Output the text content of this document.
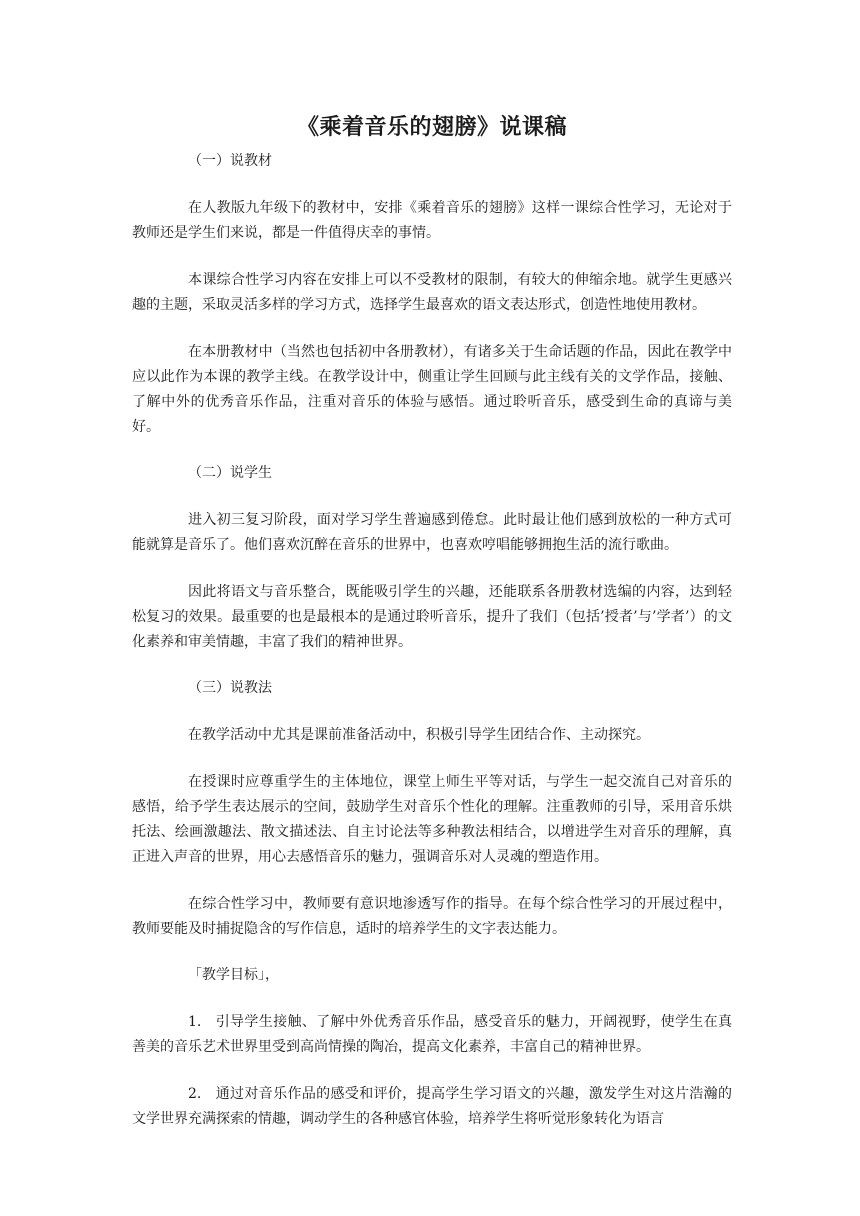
《乘着音乐的翅膀》说课稿
（一）说教材

在人教版九年级下的教材中，安排《乘着音乐的翅膀》这样一课综合性学习，无论对于教师还是学生们来说，都是一件值得庆幸的事情。

本课综合性学习内容在安排上可以不受教材的限制，有较大的伸缩余地。就学生更感兴趣的主题，采取灵活多样的学习方式，选择学生最喜欢的语文表达形式，创造性地使用教材。

在本册教材中（当然也包括初中各册教材），有诸多关于生命话题的作品，因此在教学中应以此作为本课的教学主线。在教学设计中，侧重让学生回顾与此主线有关的文学作品，接触、了解中外的优秀音乐作品，注重对音乐的体验与感悟。通过聆听音乐，感受到生命的真谛与美好。

（二）说学生

进入初三复习阶段，面对学习学生普遍感到倦怠。此时最让他们感到放松的一种方式可能就算是音乐了。他们喜欢沉醉在音乐的世界中，也喜欢哼唱能够拥抱生活的流行歌曲。

因此将语文与音乐整合，既能吸引学生的兴趣，还能联系各册教材选编的内容，达到轻松复习的效果。最重要的也是最根本的是通过聆听音乐，提升了我们（包括’授者’与’学者’）的文化素养和审美情趣，丰富了我们的精神世界。

（三）说教法

在教学活动中尤其是课前准备活动中，积极引导学生团结合作、主动探究。

在授课时应尊重学生的主体地位，课堂上师生平等对话，与学生一起交流自己对音乐的感悟，给予学生表达展示的空间，鼓励学生对音乐个性化的理解。注重教师的引导，采用音乐烘托法、绘画激趣法、散文描述法、自主讨论法等多种教法相结合，以增进学生对音乐的理解，真正进入声音的世界，用心去感悟音乐的魅力，强调音乐对人灵魂的塑造作用。

在综合性学习中，教师要有意识地渗透写作的指导。在每个综合性学习的开展过程中，教师要能及时捕捉隐含的写作信息，适时的培养学生的文字表达能力。

「教学目标」，

1. 引导学生接触、了解中外优秀音乐作品，感受音乐的魅力，开阔视野，使学生在真善美的音乐艺术世界里受到高尚情操的陶冶，提高文化素养，丰富自己的精神世界。

2. 通过对音乐作品的感受和评价，提高学生学习语文的兴趣，激发学生对这片浩瀚的文学世界充满探索的情趣，调动学生的各种感官体验，培养学生将听觉形象转化为语言
